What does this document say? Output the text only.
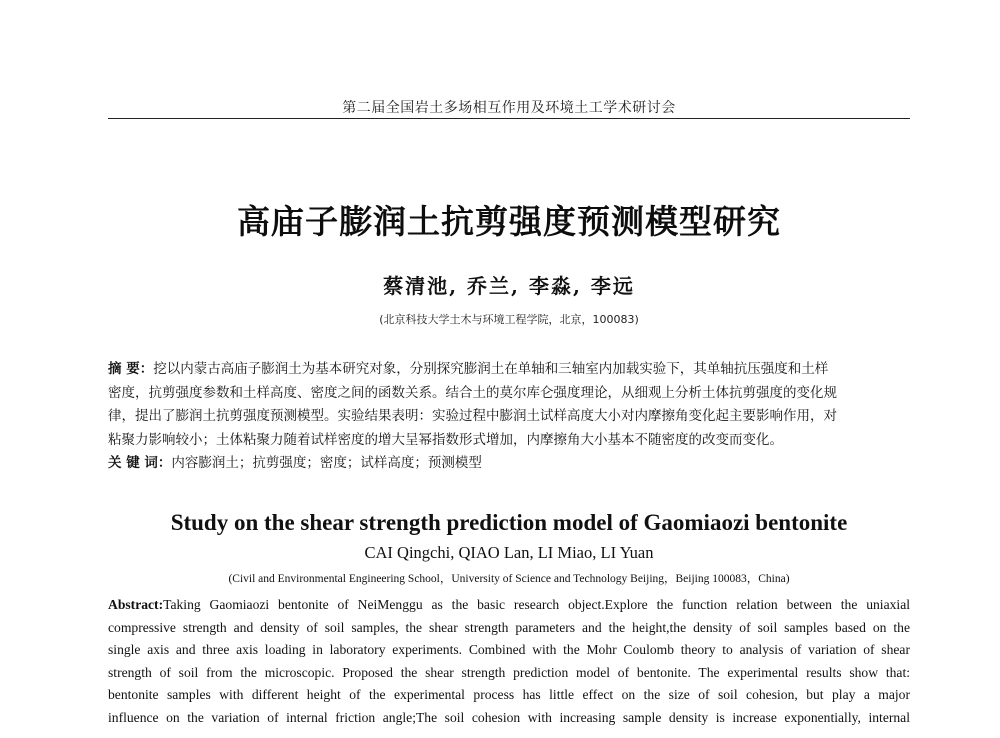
第二届全国岩土多场相互作用及环境土工学术研讨会
高庙子膨润土抗剪强度预测模型研究
蔡清池, 乔兰, 李淼, 李远
(北京科技大学土木与环境工程学院，北京，100083)
摘 要：挖以内蒙古高庙子膨润土为基本研究对象，分别探究膨润土在单轴和三轴室内加载实验下，其单轴抗压强度和土样
密度，抗剪强度参数和土样高度、密度之间的函数关系。结合土的莫尔库仑强度理论，从细观上分析土体抗剪强度的变化规
律，提出了膨润土抗剪强度预测模型。实验结果表明：实验过程中膨润土试样高度大小对内摩擦角变化起主要影响作用，对
粘聚力影响较小；土体粘聚力随着试样密度的增大呈幂指数形式增加，内摩擦角大小基本不随密度的改变而变化。
关 键 词：内容膨润土；抗剪强度；密度；试样高度；预测模型
Study on the shear strength prediction model of Gaomiaozi bentonite
CAI Qingchi, QIAO Lan, LI Miao, LI Yuan
(Civil and Environmental Engineering School，University of Science and Technology Beijing，Beijing 100083，China)
Abstract:Taking Gaomiaozi bentonite of NeiMenggu as the basic research object.Explore the function relation between the uniaxial
compressive strength and density of soil samples, the shear strength parameters and the height,the density of soil samples based on the
single axis and three axis loading in laboratory experiments. Combined with the Mohr Coulomb theory to analysis of variation of shear
strength of soil from the microscopic. Proposed the shear strength prediction model of bentonite. The experimental results show that:
bentonite samples with different height of the experimental process has little effect on the size of soil cohesion, but play a major
influence on the variation of internal friction angle;The soil cohesion with increasing sample density is increase exponentially, internal
